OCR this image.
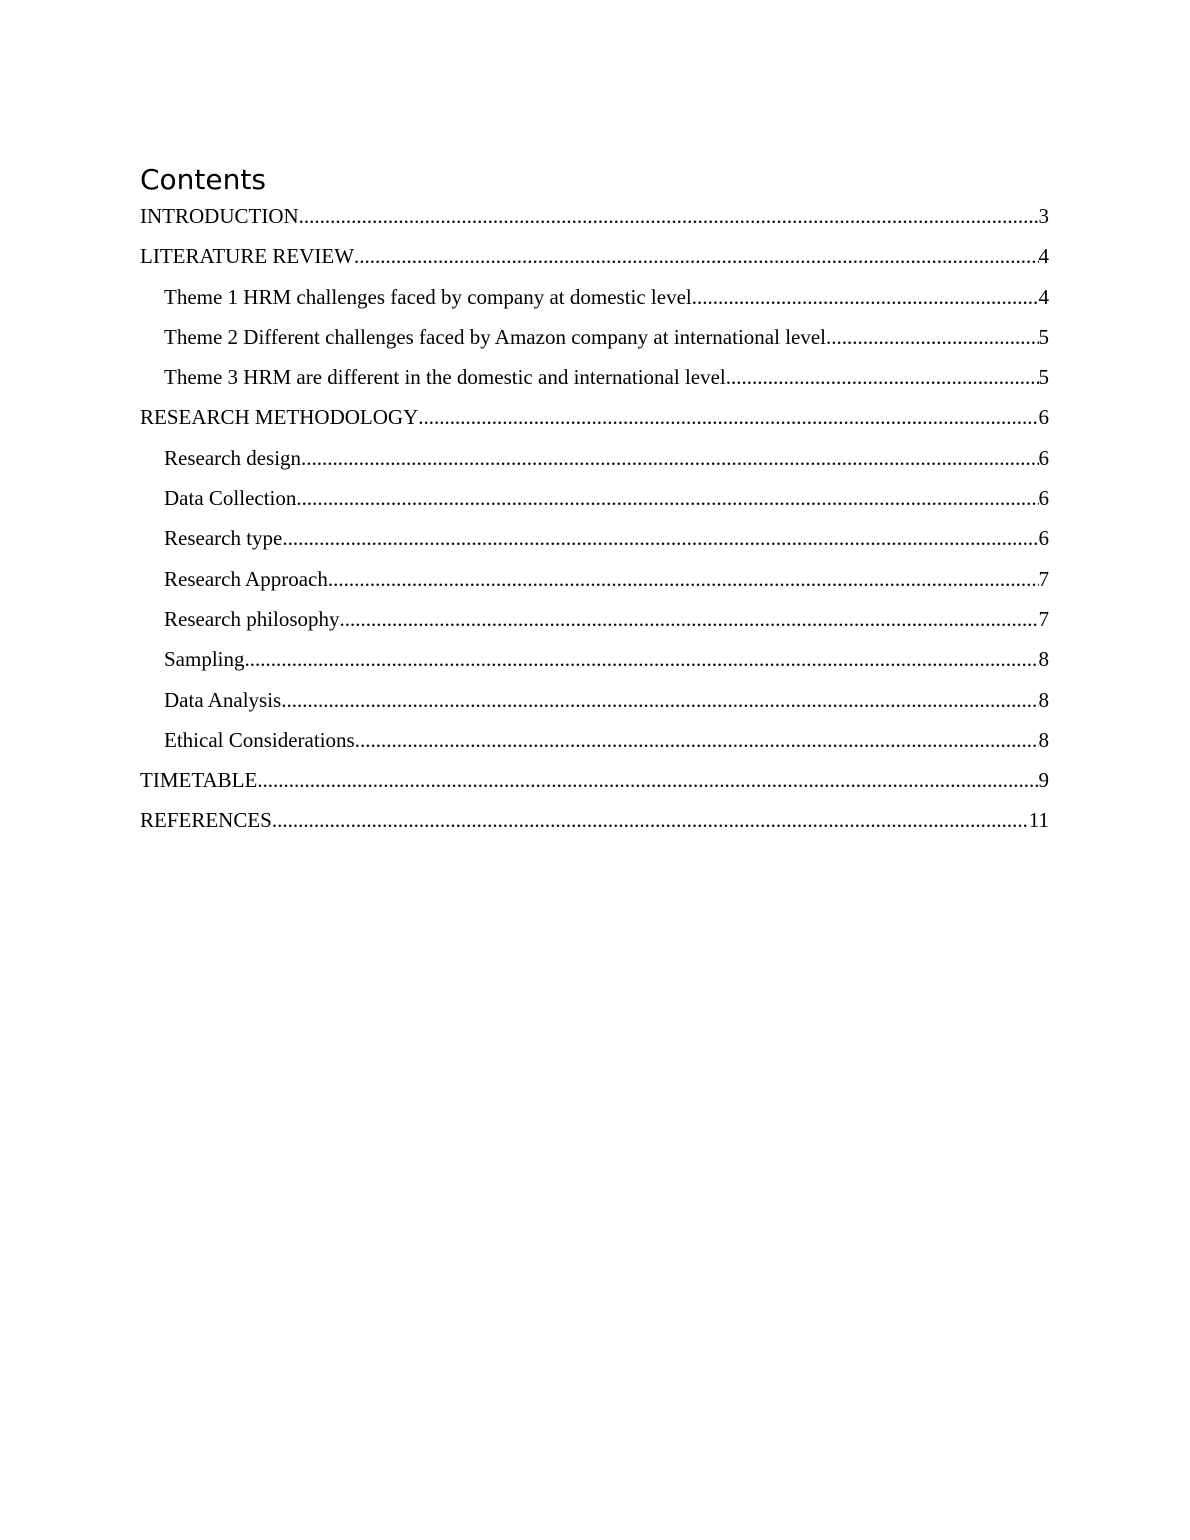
Contents
INTRODUCTION .....	3
LITERATURE REVIEW .....	4
Theme 1 HRM challenges faced by company at domestic level .....	4
Theme 2 Different challenges faced by Amazon company at international level .....	5
Theme 3 HRM are different in the domestic and international level .....	5
RESEARCH METHODOLOGY .....	6
Research design .....	6
Data Collection .....	6
Research type .....	6
Research Approach .....	7
Research philosophy .....	7
Sampling .....	8
Data Analysis .....	8
Ethical Considerations .....	8
TIMETABLE .....	9
REFERENCES .....	11
